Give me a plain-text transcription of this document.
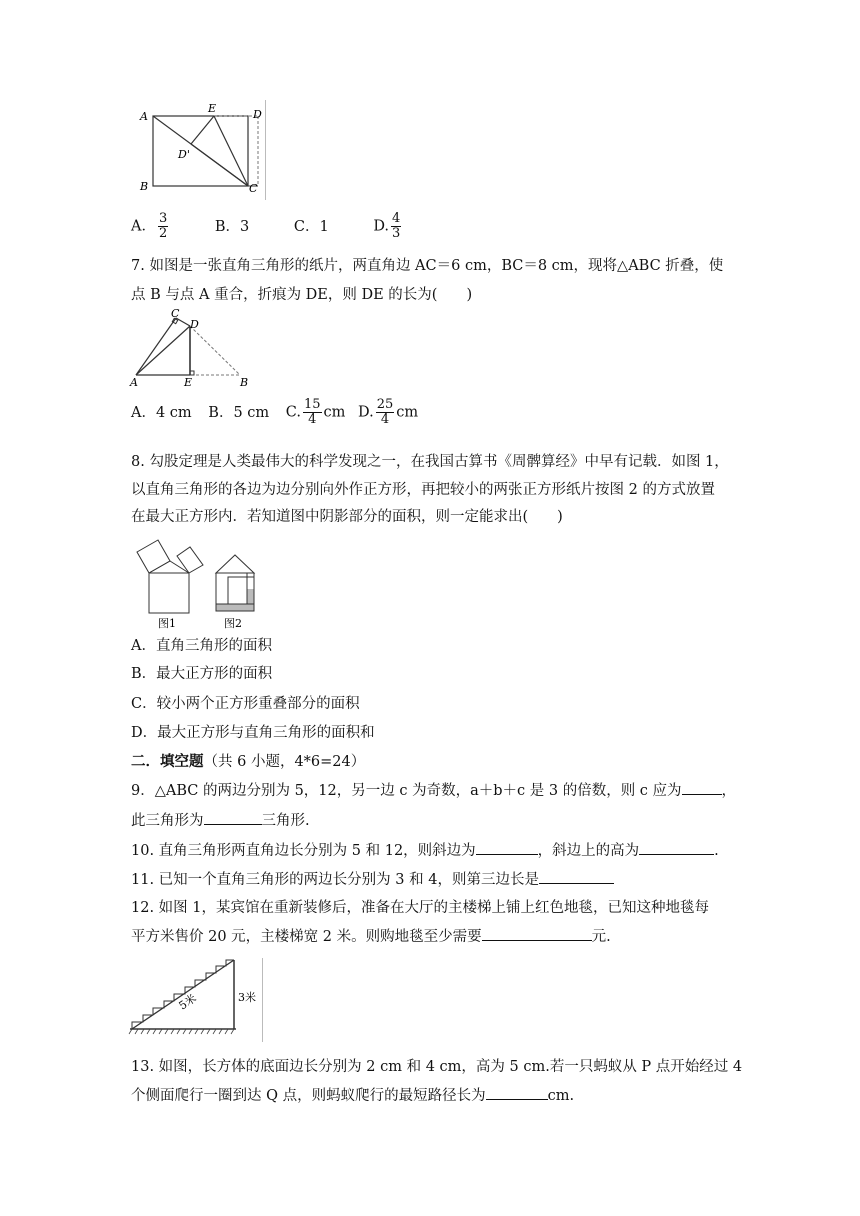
A
B	C
D
E
D'
A． $\frac{3}{2}$	B．3	C．1	D. $\frac{4}{3}$
7. 如图是一张直角三角形的纸片，两直角边 AC＝6 cm，BC＝8 cm，现将△ABC 折叠，使
点 B 与点 A 重合，折痕为 DE，则 DE 的长为(　　)
A	B
C
D
E
A．4 cm B．5 cm C. $\frac{15}{4}$ cm D. $\frac{25}{4}$ cm
8. 勾股定理是人类最伟大的科学发现之一，在我国古算书《周髀算经》中早有记载．如图 1，
以直角三角形的各边为边分别向外作正方形，再把较小的两张正方形纸片按图 2 的方式放置
在最大正方形内．若知道图中阴影部分的面积，则一定能求出(　　)
图1	图2
A．直角三角形的面积
B．最大正方形的面积
C．较小两个正方形重叠部分的面积
D．最大正方形与直角三角形的面积和
二．填空题（共 6 小题，4*6=24）
9．△ABC 的两边分别为 5，12，另一边 c 为奇数，a＋b＋c 是 3 的倍数，则 c 应为	，
此三角形为	三角形.
10. 直角三角形两直角边长分别为 5 和 12，则斜边为	，斜边上的高为	.
11. 已知一个直角三角形的两边长分别为 3 和 4，则第三边长是
12. 如图 1，某宾馆在重新装修后，准备在大厅的主楼梯上铺上红色地毯，已知这种地毯每
平方米售价 20 元，主楼梯宽 2 米。则购地毯至少需要	元.
5米	3米
13. 如图，长方体的底面边长分别为 2 cm 和 4 cm，高为 5 cm.若一只蚂蚁从 P 点开始经过 4
个侧面爬行一圈到达 Q 点，则蚂蚁爬行的最短路径长为	cm.
